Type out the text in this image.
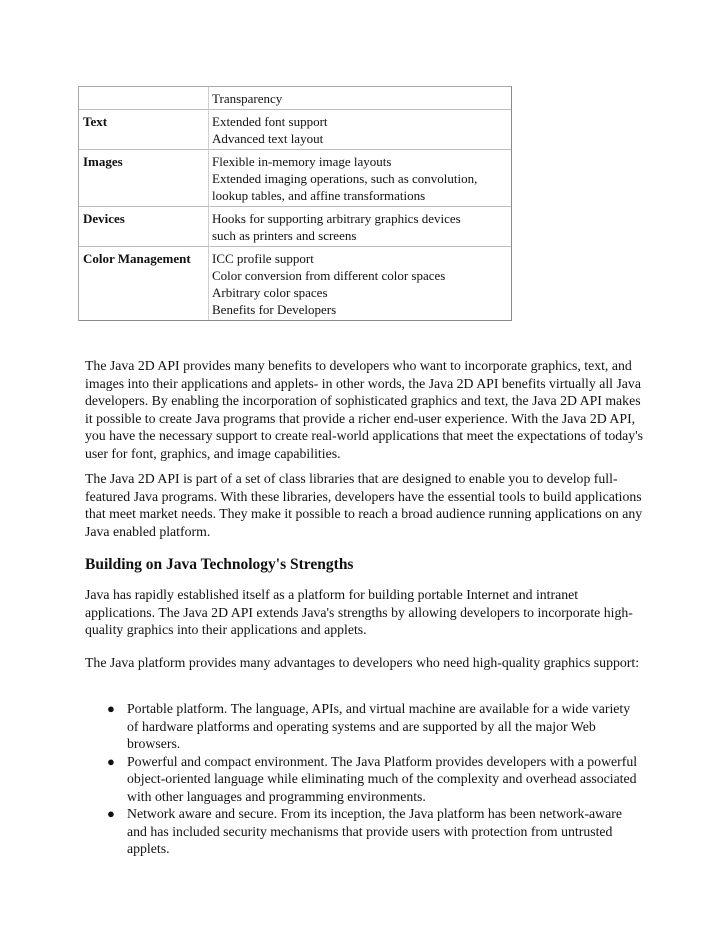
	Transparency

Text	Extended font support
Advanced text layout

Images	Flexible in-memory image layouts
Extended imaging operations, such as convolution,
lookup tables, and affine transformations

Devices	Hooks for supporting arbitrary graphics devices
such as printers and screens

Color Management	ICC profile support
Color conversion from different color spaces
Arbitrary color spaces
Benefits for Developers

The Java 2D API provides many benefits to developers who want to incorporate graphics, text, and images into their applications and applets- in other words, the Java 2D API benefits virtually all Java developers. By enabling the incorporation of sophisticated graphics and text, the Java 2D API makes it possible to create Java programs that provide a richer end-user experience. With the Java 2D API, you have the necessary support to create real-world applications that meet the expectations of today's user for font, graphics, and image capabilities.

The Java 2D API is part of a set of class libraries that are designed to enable you to develop full-featured Java programs. With these libraries, developers have the essential tools to build applications that meet market needs. They make it possible to reach a broad audience running applications on any Java enabled platform.

Building on Java Technology's Strengths

Java has rapidly established itself as a platform for building portable Internet and intranet applications. The Java 2D API extends Java's strengths by allowing developers to incorporate high-quality graphics into their applications and applets.

The Java platform provides many advantages to developers who need high-quality graphics support:

● Portable platform. The language, APIs, and virtual machine are available for a wide variety of hardware platforms and operating systems and are supported by all the major Web browsers.
● Powerful and compact environment. The Java Platform provides developers with a powerful object-oriented language while eliminating much of the complexity and overhead associated with other languages and programming environments.
● Network aware and secure. From its inception, the Java platform has been network-aware and has included security mechanisms that provide users with protection from untrusted applets.
